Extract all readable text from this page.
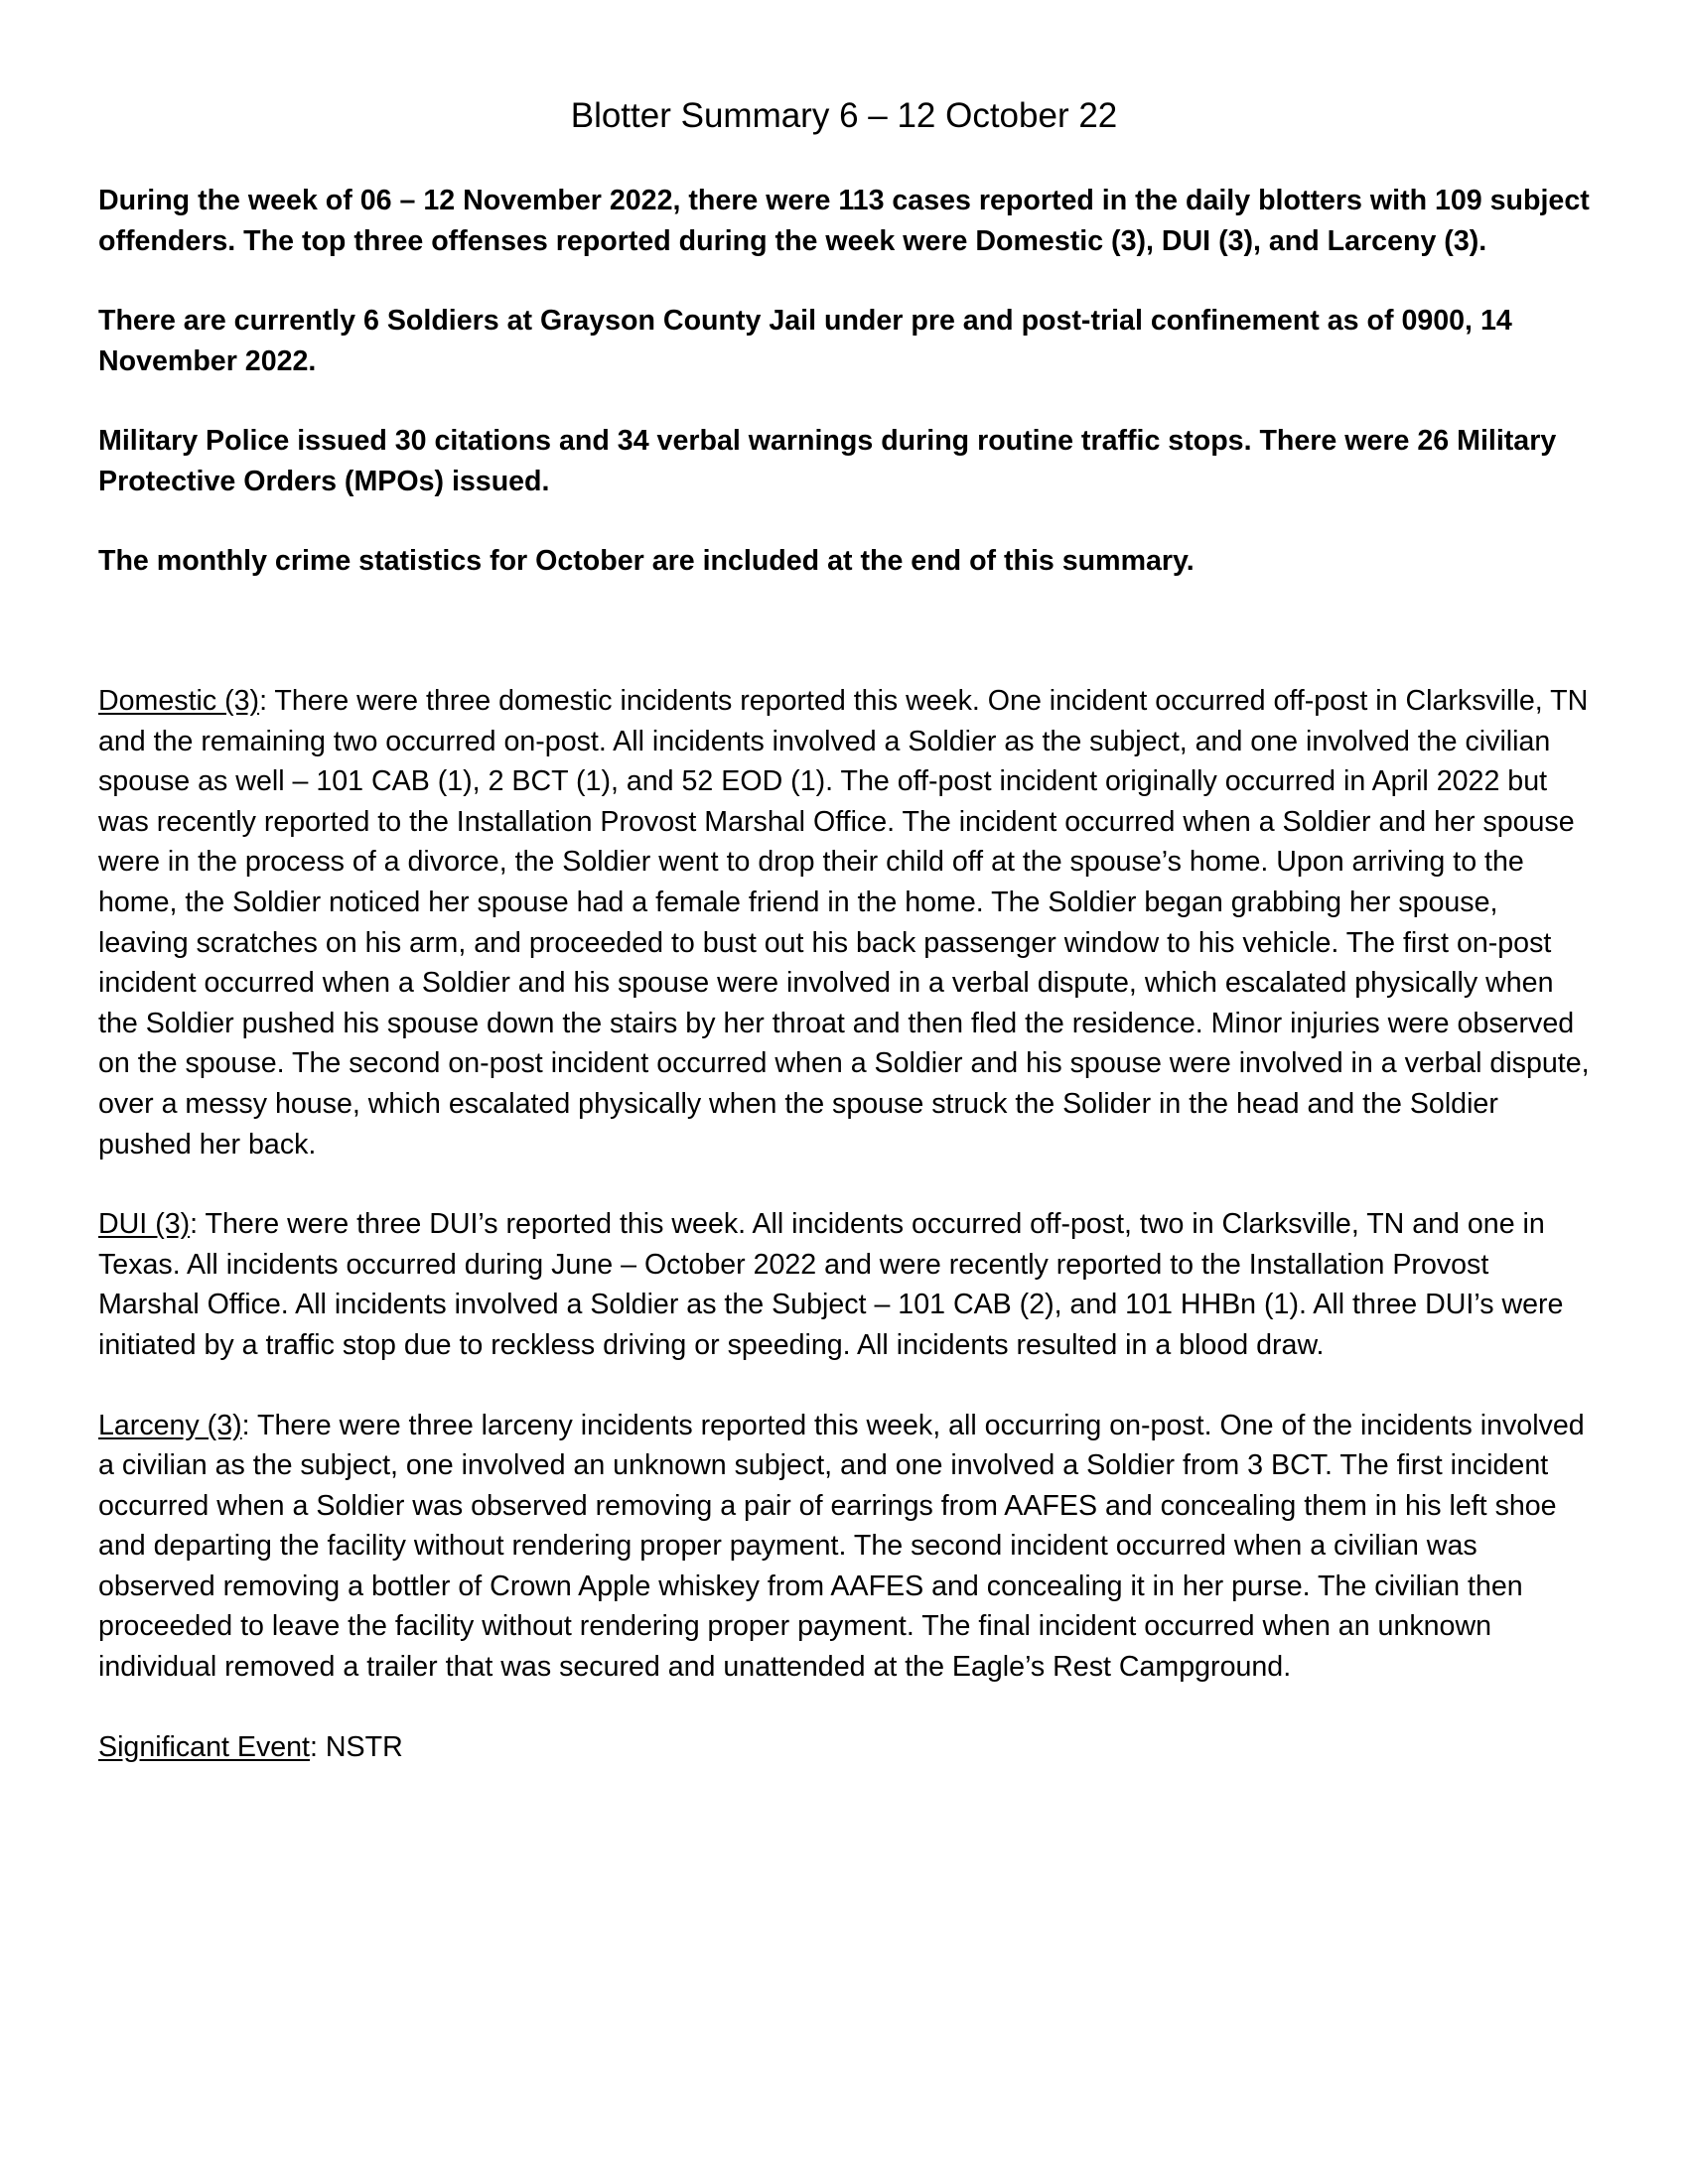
Blotter Summary 6 – 12 October 22

During the week of 06 – 12 November 2022, there were 113 cases reported in the daily blotters with 109 subject offenders. The top three offenses reported during the week were Domestic (3), DUI (3), and Larceny (3).

There are currently 6 Soldiers at Grayson County Jail under pre and post-trial confinement as of 0900, 14 November 2022.

Military Police issued 30 citations and 34 verbal warnings during routine traffic stops. There were 26 Military Protective Orders (MPOs) issued.

The monthly crime statistics for October are included at the end of this summary.

Domestic (3): There were three domestic incidents reported this week. One incident occurred off-post in Clarksville, TN and the remaining two occurred on-post. All incidents involved a Soldier as the subject, and one involved the civilian spouse as well – 101 CAB (1), 2 BCT (1), and 52 EOD (1). The off-post incident originally occurred in April 2022 but was recently reported to the Installation Provost Marshal Office. The incident occurred when a Soldier and her spouse were in the process of a divorce, the Soldier went to drop their child off at the spouse’s home. Upon arriving to the home, the Soldier noticed her spouse had a female friend in the home. The Soldier began grabbing her spouse, leaving scratches on his arm, and proceeded to bust out his back passenger window to his vehicle. The first on-post incident occurred when a Soldier and his spouse were involved in a verbal dispute, which escalated physically when the Soldier pushed his spouse down the stairs by her throat and then fled the residence. Minor injuries were observed on the spouse. The second on-post incident occurred when a Soldier and his spouse were involved in a verbal dispute, over a messy house, which escalated physically when the spouse struck the Solider in the head and the Soldier pushed her back.

DUI (3): There were three DUI’s reported this week. All incidents occurred off-post, two in Clarksville, TN and one in Texas. All incidents occurred during June – October 2022 and were recently reported to the Installation Provost Marshal Office. All incidents involved a Soldier as the Subject – 101 CAB (2), and 101 HHBn (1). All three DUI’s were initiated by a traffic stop due to reckless driving or speeding. All incidents resulted in a blood draw.

Larceny (3): There were three larceny incidents reported this week, all occurring on-post. One of the incidents involved a civilian as the subject, one involved an unknown subject, and one involved a Soldier from 3 BCT. The first incident occurred when a Soldier was observed removing a pair of earrings from AAFES and concealing them in his left shoe and departing the facility without rendering proper payment. The second incident occurred when a civilian was observed removing a bottler of Crown Apple whiskey from AAFES and concealing it in her purse. The civilian then proceeded to leave the facility without rendering proper payment. The final incident occurred when an unknown individual removed a trailer that was secured and unattended at the Eagle’s Rest Campground.

Significant Event: NSTR
